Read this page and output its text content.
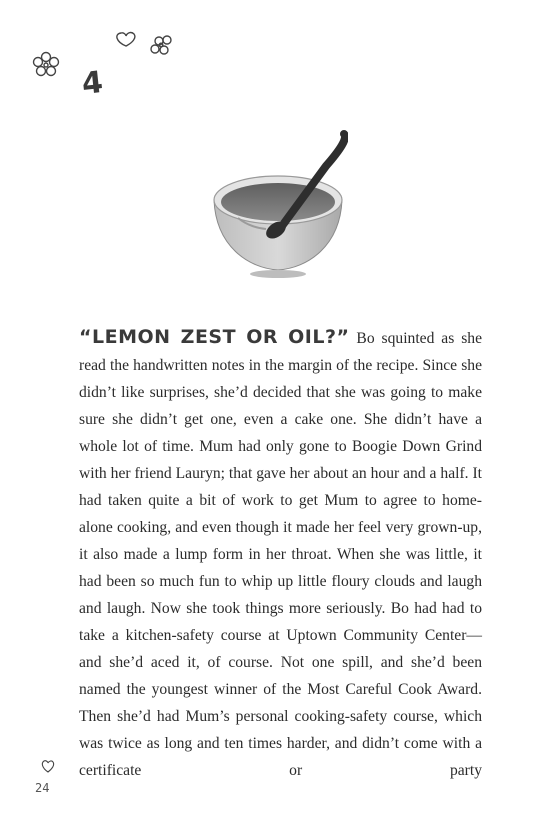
4

“LEMON ZEST OR OIL?” Bo squinted as she read the handwritten notes in the margin of the recipe. Since she didn’t like surprises, she’d decided that she was going to make sure she didn’t get one, even a cake one. She didn’t have a whole lot of time. Mum had only gone to Boogie Down Grind with her friend Lauryn; that gave her about an hour and a half. It had taken quite a bit of work to get Mum to agree to home-alone cooking, and even though it made her feel very grown-up, it also made a lump form in her throat. When she was little, it had been so much fun to whip up little floury clouds and laugh and laugh. Now she took things more seriously. Bo had had to take a kitchen-safety course at Uptown Community Center—and she’d aced it, of course. Not one spill, and she’d been named the youngest winner of the Most Careful Cook Award. Then she’d had Mum’s personal cooking-safety course, which was twice as long and ten times harder, and didn’t come with a certificate or party

24
